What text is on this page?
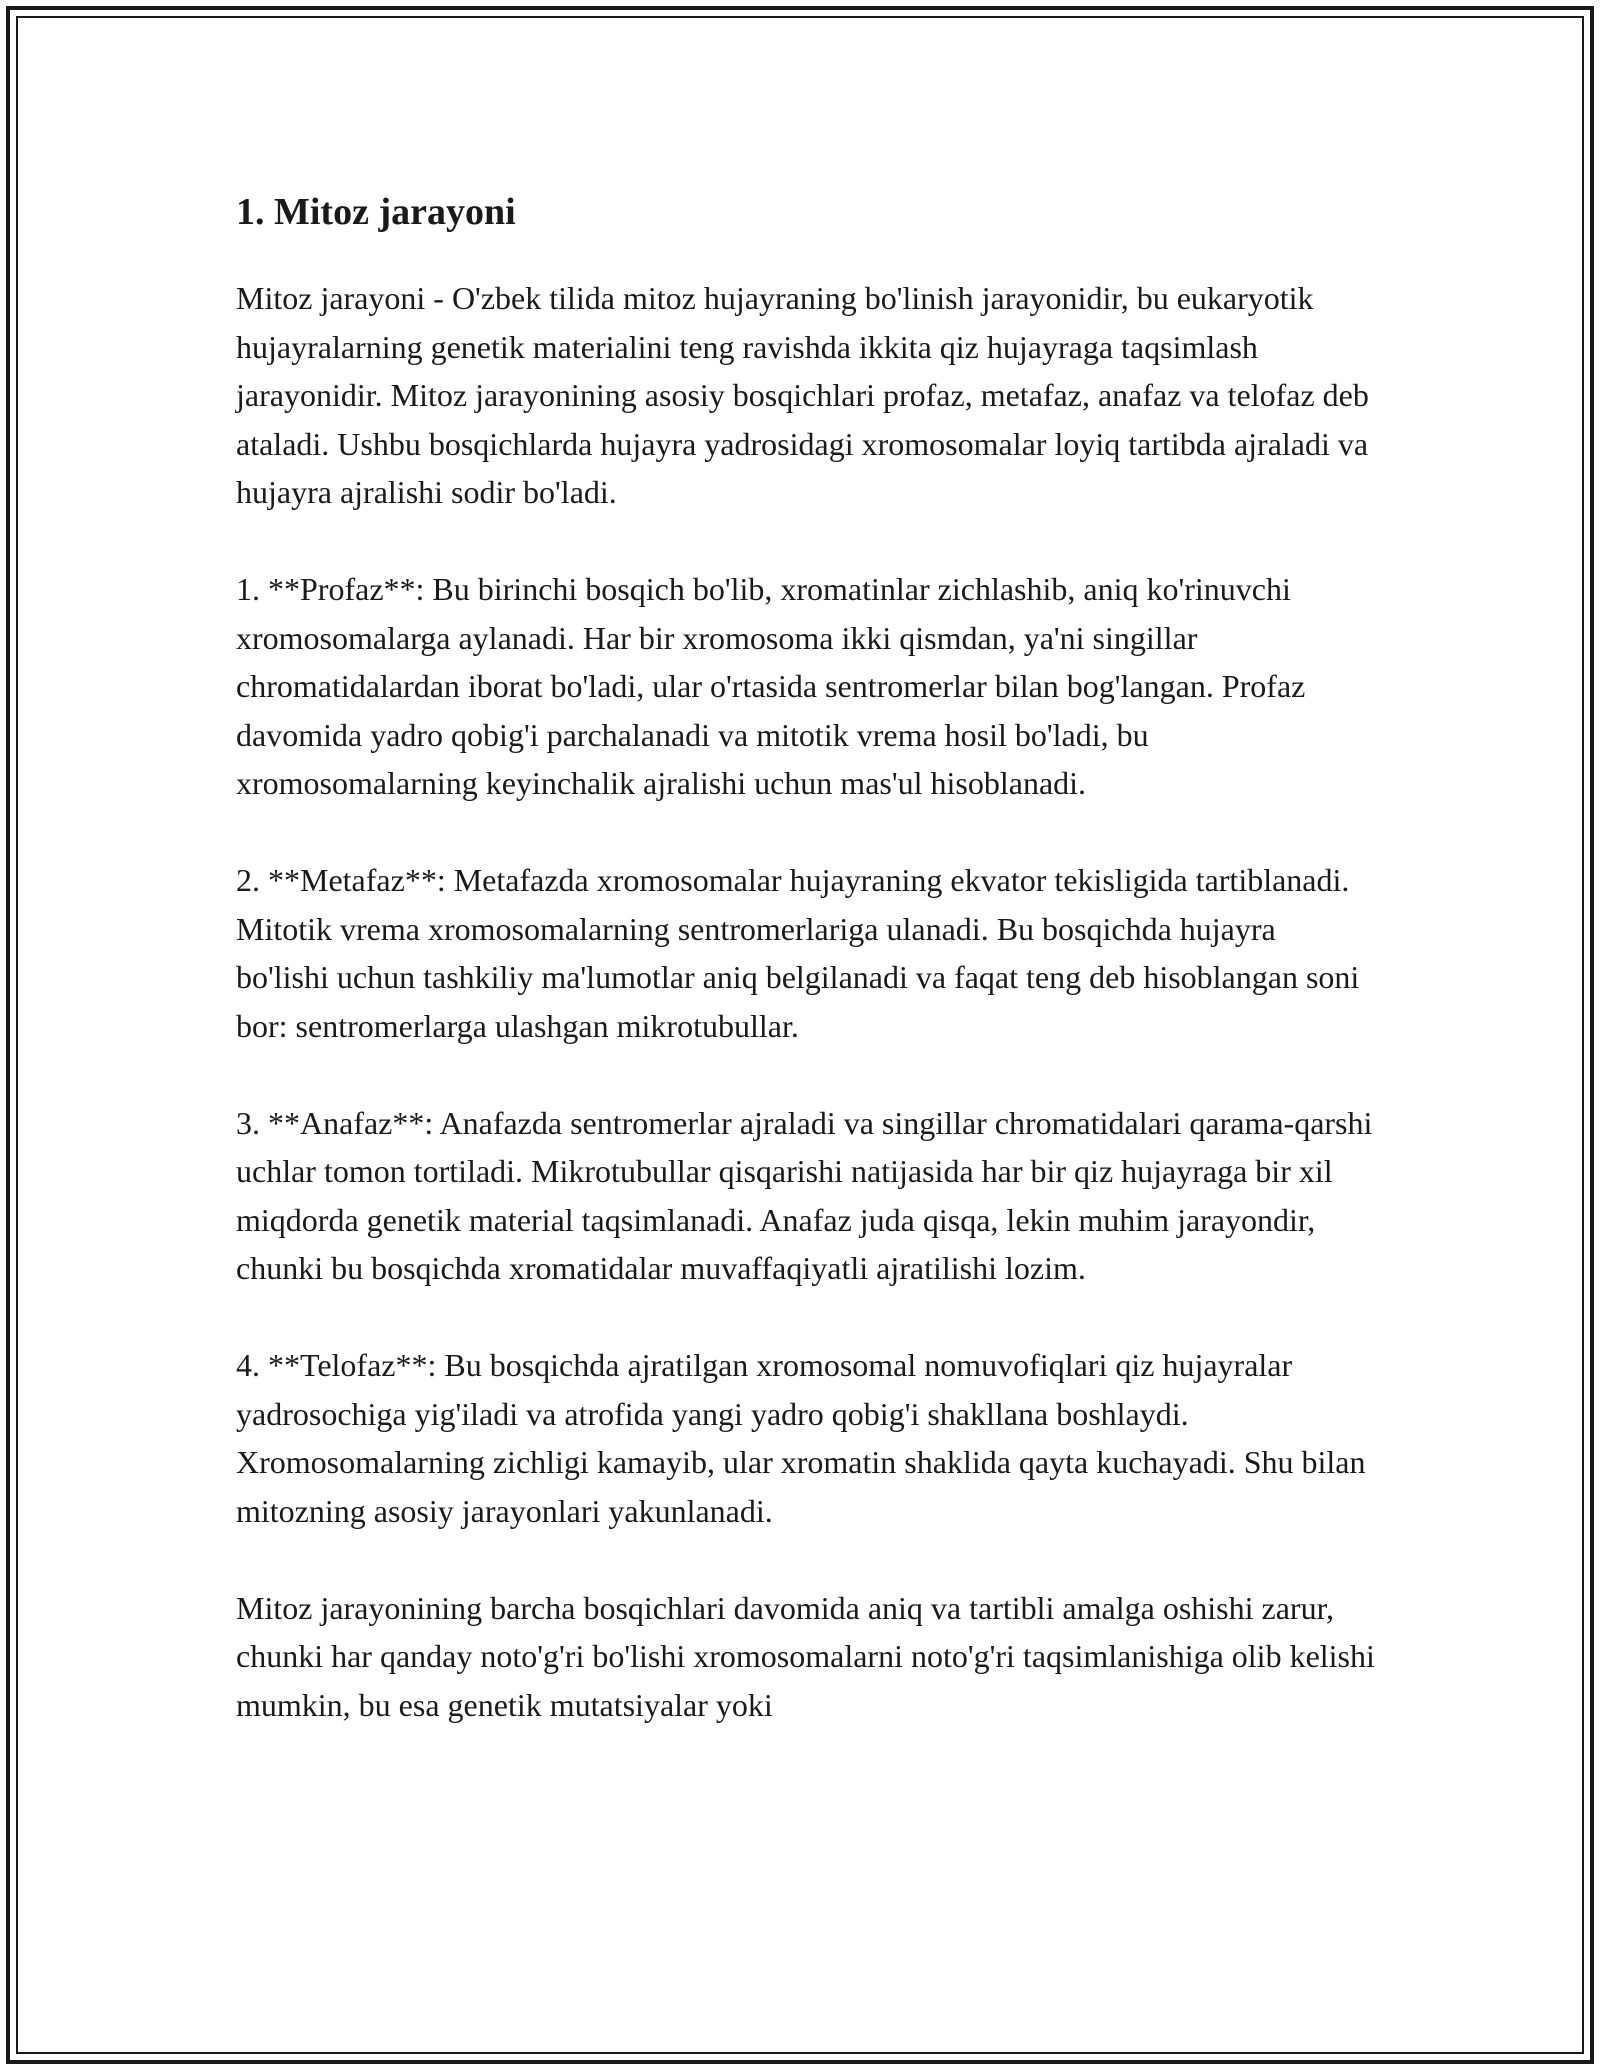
1. Mitoz jarayoni

Mitoz jarayoni - O'zbek tilida mitoz hujayraning bo'linish jarayonidir, bu eukaryotik hujayralarning genetik materialini teng ravishda ikkita qiz hujayraga taqsimlash jarayonidir. Mitoz jarayonining asosiy bosqichlari profaz, metafaz, anafaz va telofaz deb ataladi. Ushbu bosqichlarda hujayra yadrosidagi xromosomalar loyiq tartibda ajraladi va hujayra ajralishi sodir bo'ladi.

1. **Profaz**: Bu birinchi bosqich bo'lib, xromatinlar zichlashib, aniq ko'rinuvchi xromosomalarga aylanadi. Har bir xromosoma ikki qismdan, ya'ni singillar chromatidalardan iborat bo'ladi, ular o'rtasida sentromerlar bilan bog'langan. Profaz davomida yadro qobig'i parchalanadi va mitotik vrema hosil bo'ladi, bu xromosomalarning keyinchalik ajralishi uchun mas'ul hisoblanadi.

2. **Metafaz**: Metafazda xromosomalar hujayraning ekvator tekisligida tartiblanadi. Mitotik vrema xromosomalarning sentromerlariga ulanadi. Bu bosqichda hujayra bo'lishi uchun tashkiliy ma'lumotlar aniq belgilanadi va faqat teng deb hisoblangan soni bor: sentromerlarga ulashgan mikrotubullar.

3. **Anafaz**: Anafazda sentromerlar ajraladi va singillar chromatidalari qarama-qarshi uchlar tomon tortiladi. Mikrotubullar qisqarishi natijasida har bir qiz hujayraga bir xil miqdorda genetik material taqsimlanadi. Anafaz juda qisqa, lekin muhim jarayondir, chunki bu bosqichda xromatidalar muvaffaqiyatli ajratilishi lozim.

4. **Telofaz**: Bu bosqichda ajratilgan xromosomal nomuvofiqlari qiz hujayralar yadrosochiga yig'iladi va atrofida yangi yadro qobig'i shakllana boshlaydi. Xromosomalarning zichligi kamayib, ular xromatin shaklida qayta kuchayadi. Shu bilan mitozning asosiy jarayonlari yakunlanadi.

Mitoz jarayonining barcha bosqichlari davomida aniq va tartibli amalga oshishi zarur, chunki har qanday noto'g'ri bo'lishi xromosomalarni noto'g'ri taqsimlanishiga olib kelishi mumkin, bu esa genetik mutatsiyalar yoki
